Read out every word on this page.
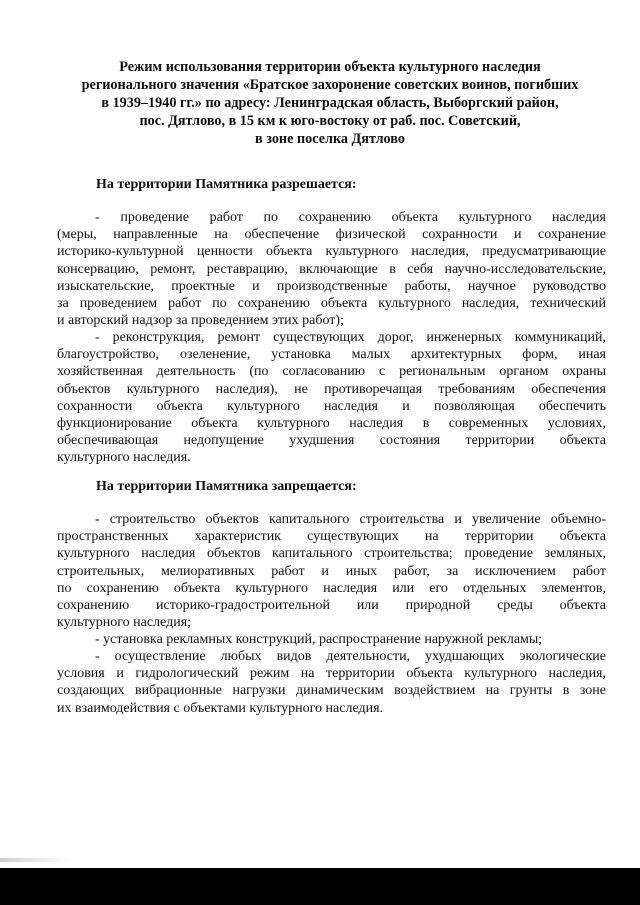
Режим использования территории объекта культурного наследия
регионального значения «Братское захоронение советских воинов, погибших
в 1939–1940 гг.» по адресу: Ленинградская область, Выборгский район,
пос. Дятлово, в 15 км к юго-востоку от раб. пос. Советский,
в зоне поселка Дятлово
На территории Памятника разрешается:
- проведение работ по сохранению объекта культурного наследия
(меры, направленные на обеспечение физической сохранности и сохранение
историко-культурной ценности объекта культурного наследия, предусматривающие
консервацию, ремонт, реставрацию, включающие в себя научно-исследовательские,
изыскательские, проектные и производственные работы, научное руководство
за проведением работ по сохранению объекта культурного наследия, технический
и авторский надзор за проведением этих работ);
- реконструкция, ремонт существующих дорог, инженерных коммуникаций,
благоустройство, озеленение, установка малых архитектурных форм, иная
хозяйственная деятельность (по согласованию с региональным органом охраны
объектов культурного наследия), не противоречащая требованиям обеспечения
сохранности объекта культурного наследия и позволяющая обеспечить
функционирование объекта культурного наследия в современных условиях,
обеспечивающая недопущение ухудшения состояния территории объекта
культурного наследия.
На территории Памятника запрещается:
- строительство объектов капитального строительства и увеличение объемно-
пространственных характеристик существующих на территории объекта
культурного наследия объектов капитального строительства; проведение земляных,
строительных, мелиоративных работ и иных работ, за исключением работ
по сохранению объекта культурного наследия или его отдельных элементов,
сохранению историко-градостроительной или природной среды объекта
культурного наследия;
- установка рекламных конструкций, распространение наружной рекламы;
- осуществление любых видов деятельности, ухудшающих экологические
условия и гидрологический режим на территории объекта культурного наследия,
создающих вибрационные нагрузки динамическим воздействием на грунты в зоне
их взаимодействия с объектами культурного наследия.
